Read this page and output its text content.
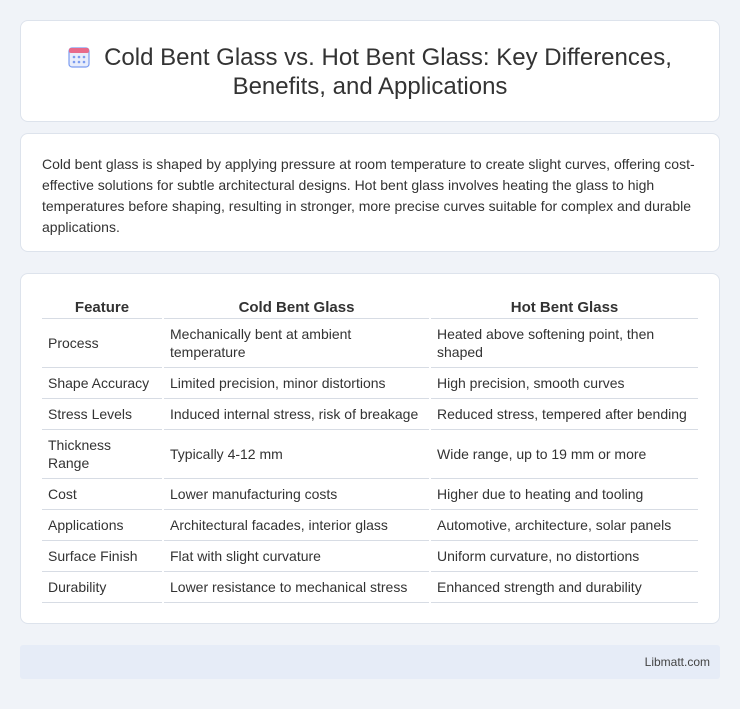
Cold Bent Glass vs. Hot Bent Glass: Key Differences,
Benefits, and Applications

Cold bent glass is shaped by applying pressure at room temperature to create slight curves, offering cost-effective solutions for subtle architectural designs. Hot bent glass involves heating the glass to high temperatures before shaping, resulting in stronger, more precise curves suitable for complex and durable applications.

Feature	Cold Bent Glass	Hot Bent Glass
Process	Mechanically bent at ambient temperature	Heated above softening point, then shaped
Shape Accuracy	Limited precision, minor distortions	High precision, smooth curves
Stress Levels	Induced internal stress, risk of breakage	Reduced stress, tempered after bending
Thickness Range	Typically 4-12 mm	Wide range, up to 19 mm or more
Cost	Lower manufacturing costs	Higher due to heating and tooling
Applications	Architectural facades, interior glass	Automotive, architecture, solar panels
Surface Finish	Flat with slight curvature	Uniform curvature, no distortions
Durability	Lower resistance to mechanical stress	Enhanced strength and durability
Libmatt.com
